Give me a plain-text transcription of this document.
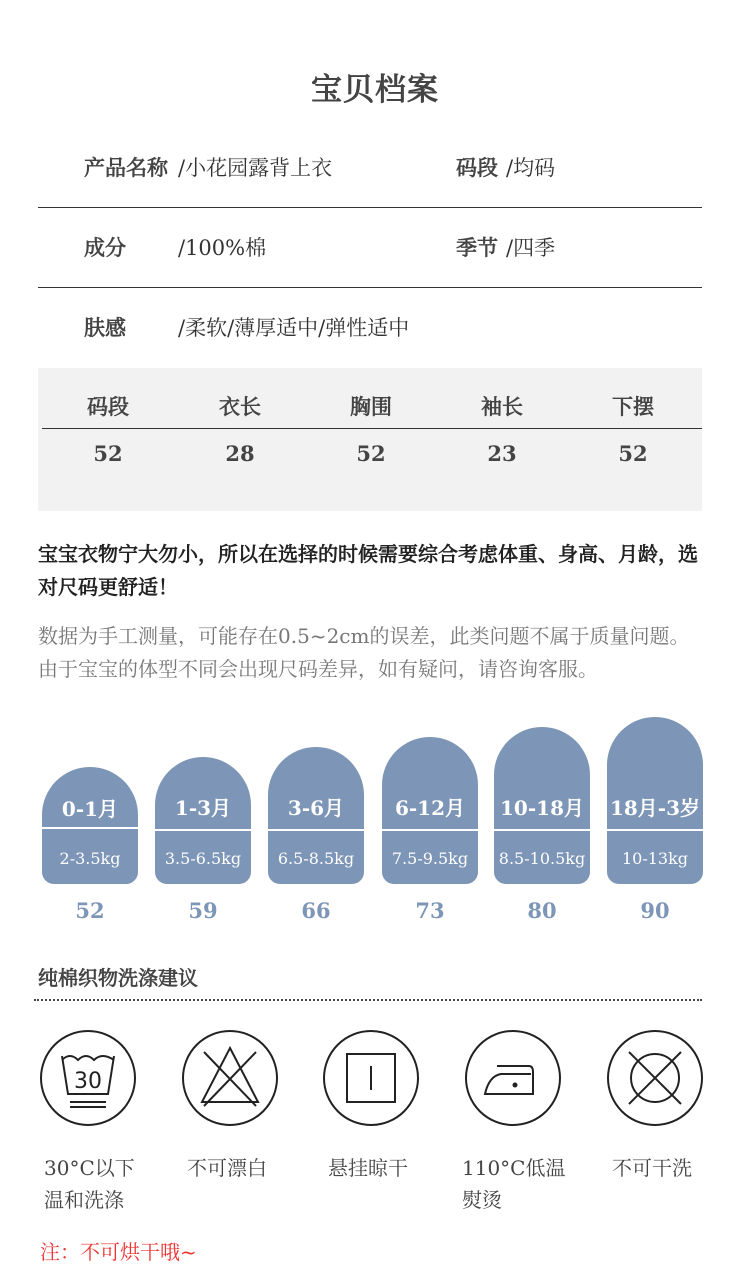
宝贝档案
产品名称 /小花园露背上衣	码段 /均码
成分 /100%棉	季节 /四季
肤感 /柔软/薄厚适中/弹性适中
码段	衣长	胸围	袖长	下摆
52	28	52	23	52
宝宝衣物宁大勿小，所以在选择的时候需要综合考虑体重、身高、月龄，选对尺码更舒适！
数据为手工测量，可能存在0.5~2cm的误差，此类问题不属于质量问题。由于宝宝的体型不同会出现尺码差异，如有疑问，请咨询客服。
0-1月
2-3.5kg
1-3月
3.5-6.5kg
3-6月
6.5-8.5kg
6-12月
7.5-9.5kg
10-18月
8.5-10.5kg
18月-3岁
10-13kg
52	59	66	73	80	90
纯棉织物洗涤建议
30
30°C以下
温和洗涤
不可漂白	悬挂晾干	110°C低温
熨烫
不可干洗
注：不可烘干哦~
